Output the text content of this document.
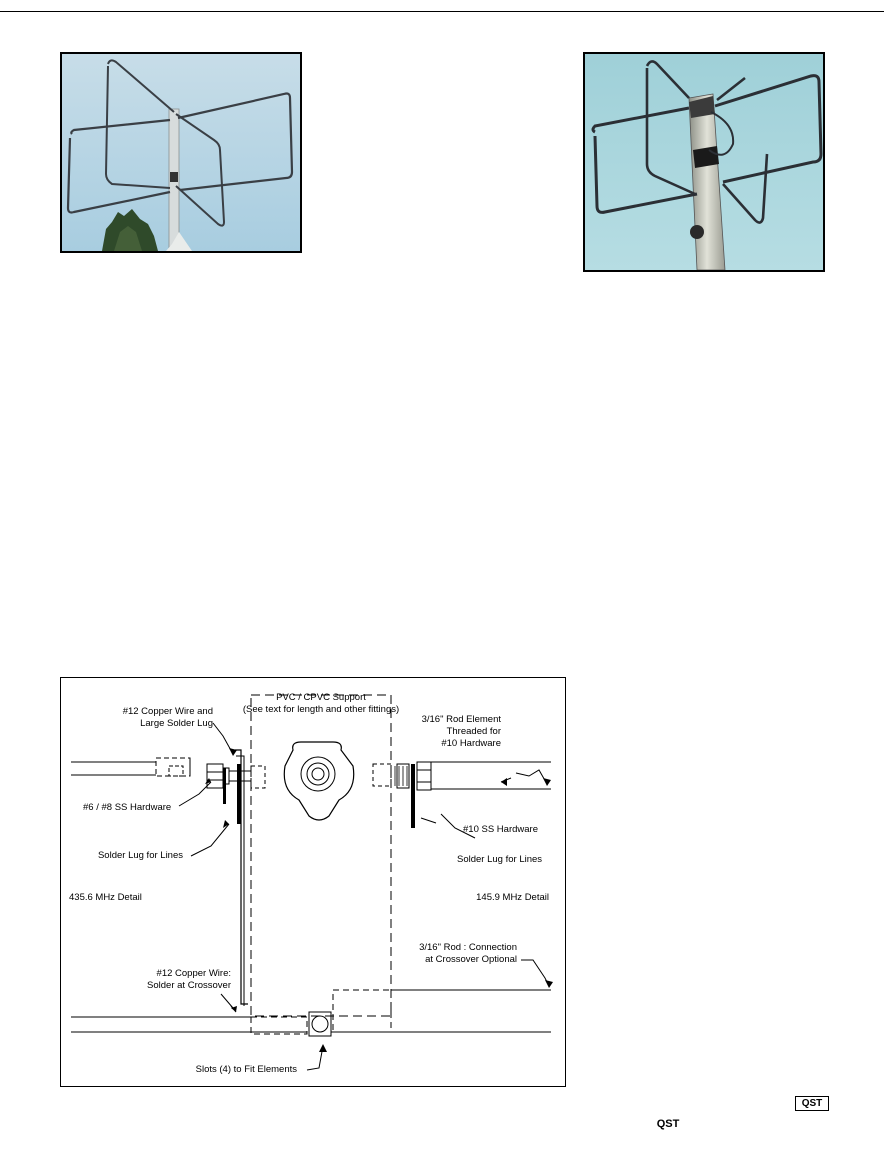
PVC / CPVC Support
(See text for length and other fittings)
#12 Copper Wire and
Large Solder Lug	3/16" Rod Element
Threaded for
#10 Hardware
#6 / #8 SS Hardware
#10 SS Hardware
Solder Lug for Lines	Solder Lug for Lines
435.6 MHz Detail	145.9 MHz Detail
3/16" Rod : Connection
at Crossover Optional
#12 Copper Wire:
Solder at Crossover
Slots (4) to Fit Elements
QST
QST
